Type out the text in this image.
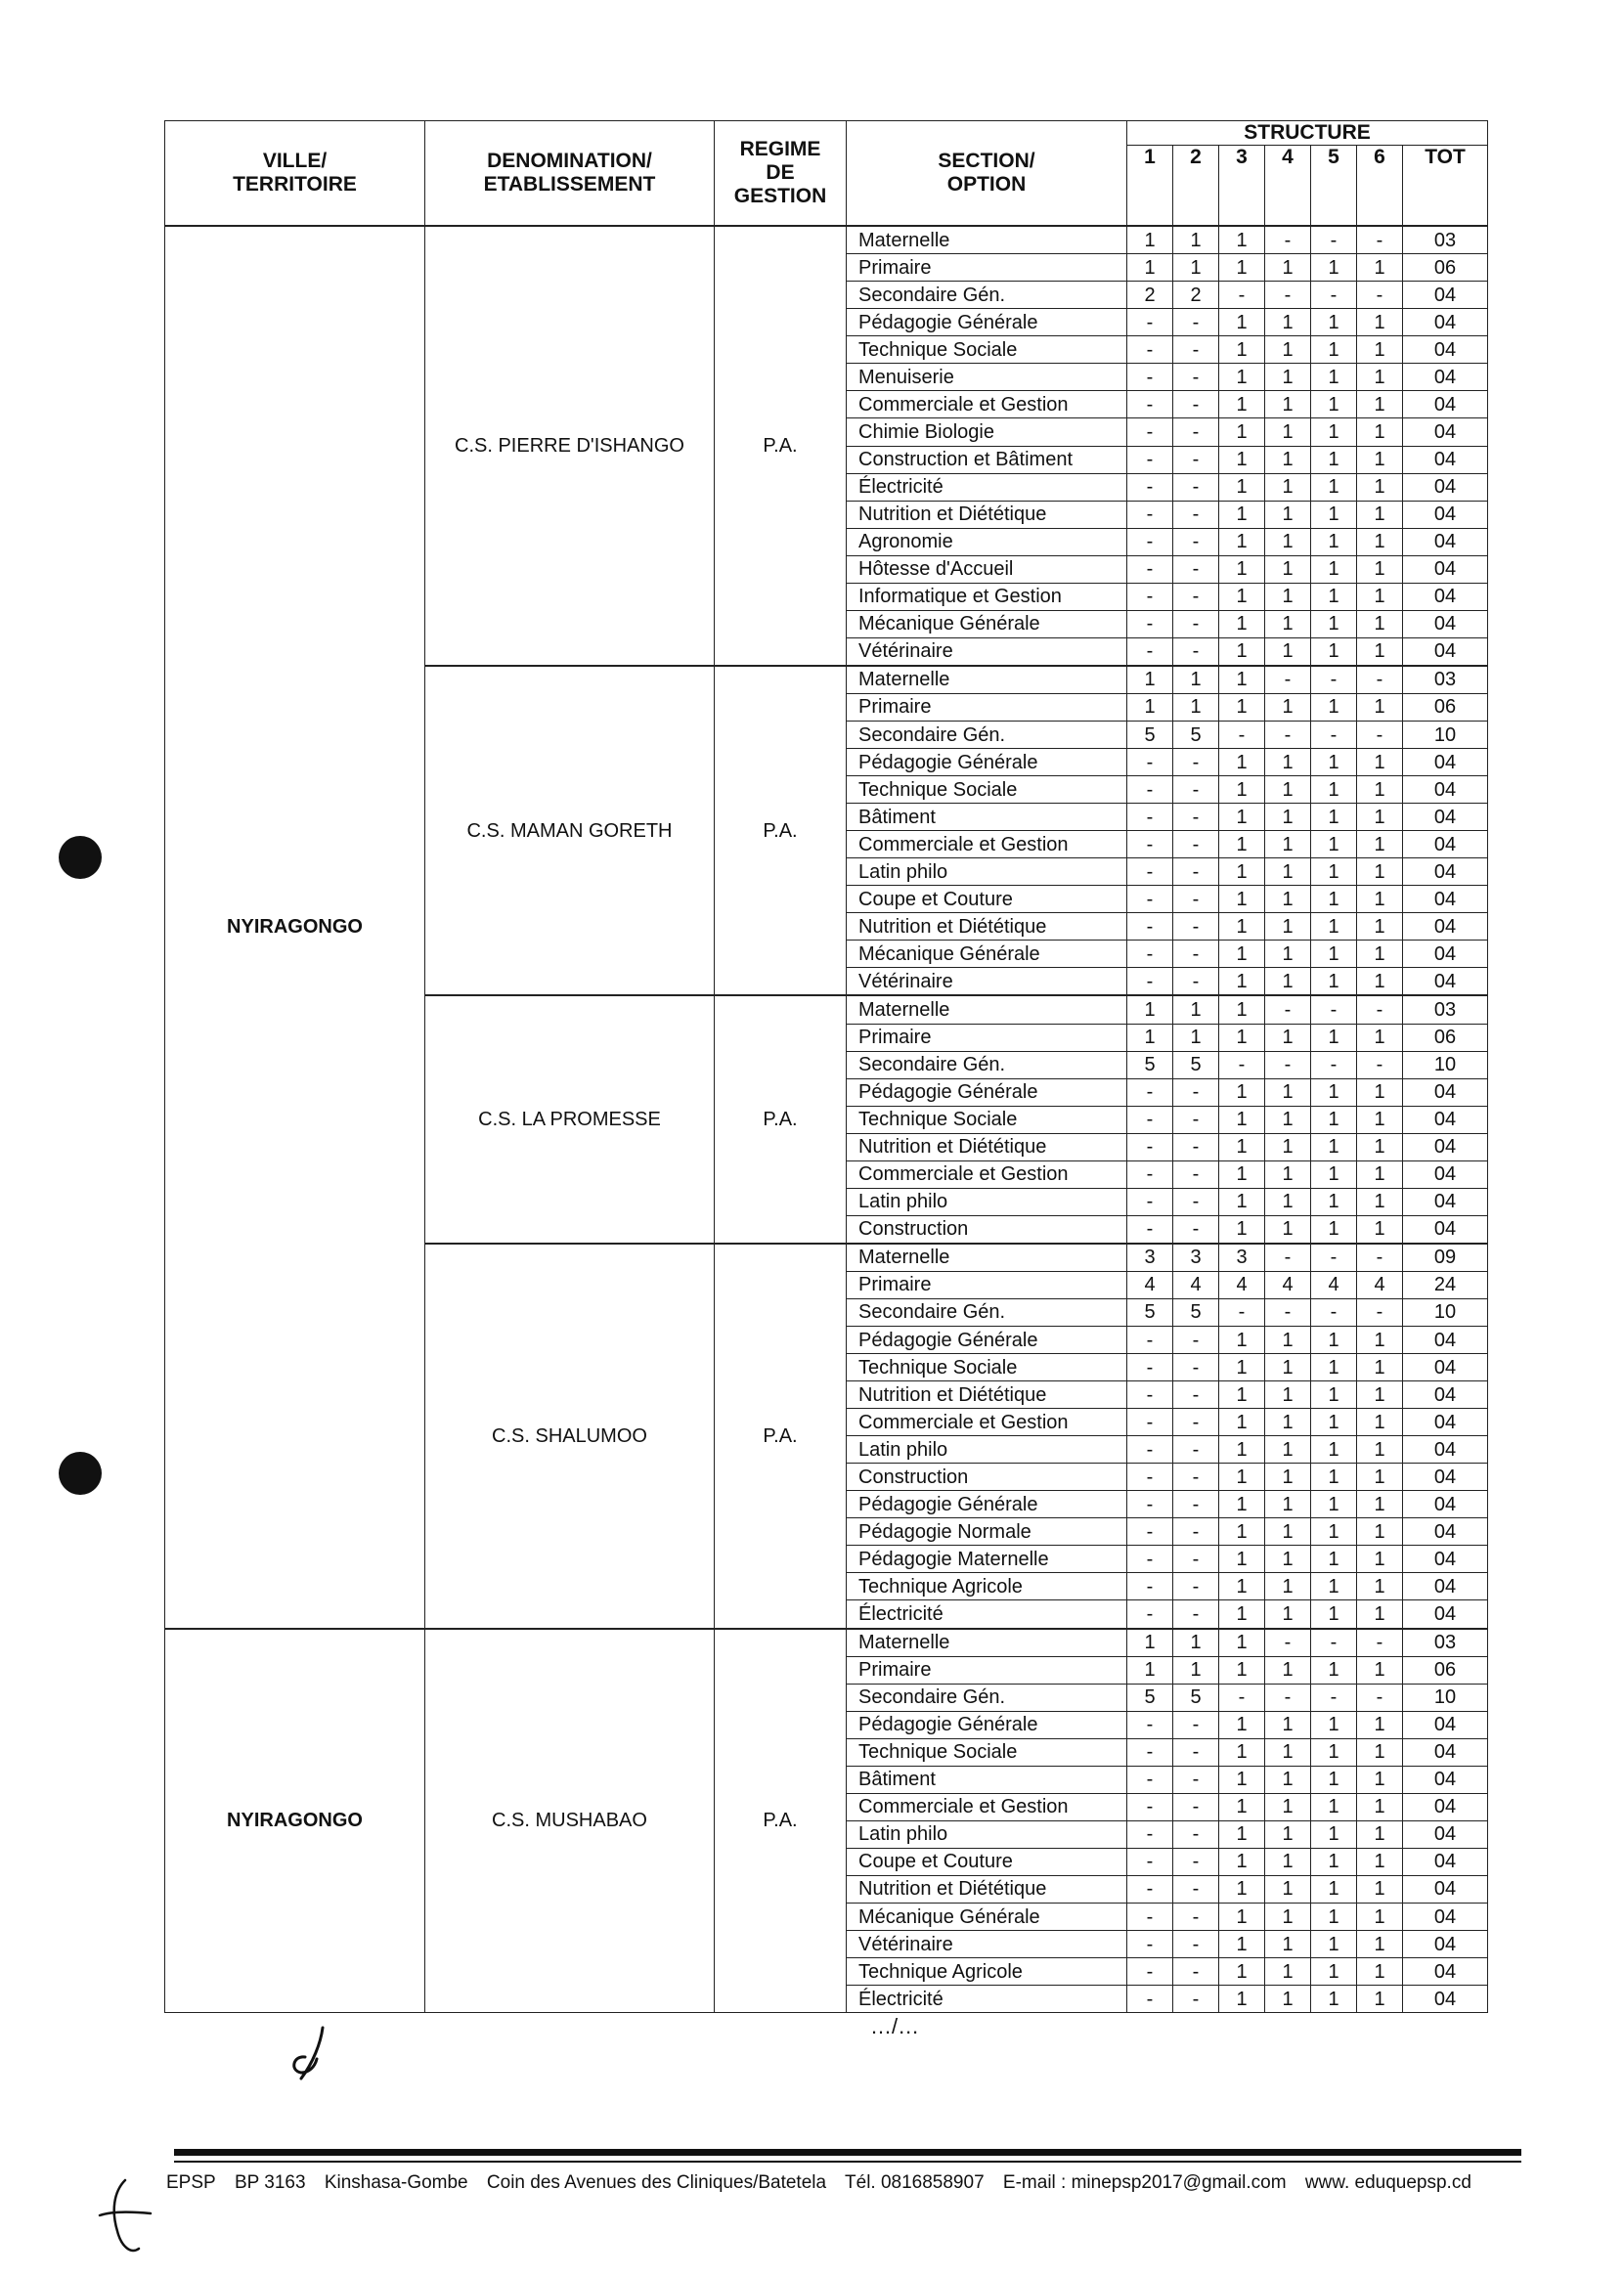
VILLE/
TERRITOIRE	DENOMINATION/
ETABLISSEMENT	REGIME
DE
GESTION	SECTION/
OPTION	STRUCTURE						
				1	2	3	4	5	6	TOT
NYIRAGONGO	C.S. PIERRE D'ISHANGO	P.A.	Maternelle	1	1	1	-	-	-	03
			Primaire	1	1	1	1	1	1	06
			Secondaire Gén.	2	2	-	-	-	-	04
			Pédagogie Générale	-	-	1	1	1	1	04
			Technique Sociale	-	-	1	1	1	1	04
			Menuiserie	-	-	1	1	1	1	04
			Commerciale et Gestion	-	-	1	1	1	1	04
			Chimie Biologie	-	-	1	1	1	1	04
			Construction et Bâtiment	-	-	1	1	1	1	04
			Électricité	-	-	1	1	1	1	04
			Nutrition et Diététique	-	-	1	1	1	1	04
			Agronomie	-	-	1	1	1	1	04
			Hôtesse d'Accueil	-	-	1	1	1	1	04
			Informatique et Gestion	-	-	1	1	1	1	04
			Mécanique Générale	-	-	1	1	1	1	04
			Vétérinaire	-	-	1	1	1	1	04
	C.S. MAMAN GORETH	P.A.	Maternelle	1	1	1	-	-	-	03
			Primaire	1	1	1	1	1	1	06
			Secondaire Gén.	5	5	-	-	-	-	10
			Pédagogie Générale	-	-	1	1	1	1	04
			Technique Sociale	-	-	1	1	1	1	04
			Bâtiment	-	-	1	1	1	1	04
			Commerciale et Gestion	-	-	1	1	1	1	04
			Latin philo	-	-	1	1	1	1	04
			Coupe et Couture	-	-	1	1	1	1	04
			Nutrition et Diététique	-	-	1	1	1	1	04
			Mécanique Générale	-	-	1	1	1	1	04
			Vétérinaire	-	-	1	1	1	1	04
	C.S. LA PROMESSE	P.A.	Maternelle	1	1	1	-	-	-	03
			Primaire	1	1	1	1	1	1	06
			Secondaire Gén.	5	5	-	-	-	-	10
			Pédagogie Générale	-	-	1	1	1	1	04
			Technique Sociale	-	-	1	1	1	1	04
			Nutrition et Diététique	-	-	1	1	1	1	04
			Commerciale et Gestion	-	-	1	1	1	1	04
			Latin philo	-	-	1	1	1	1	04
			Construction	-	-	1	1	1	1	04
	C.S. SHALUMOO	P.A.	Maternelle	3	3	3	-	-	-	09
			Primaire	4	4	4	4	4	4	24
			Secondaire Gén.	5	5	-	-	-	-	10
			Pédagogie Générale	-	-	1	1	1	1	04
			Technique Sociale	-	-	1	1	1	1	04
			Nutrition et Diététique	-	-	1	1	1	1	04
			Commerciale et Gestion	-	-	1	1	1	1	04
			Latin philo	-	-	1	1	1	1	04
			Construction	-	-	1	1	1	1	04
			Pédagogie Générale	-	-	1	1	1	1	04
			Pédagogie Normale	-	-	1	1	1	1	04
			Pédagogie Maternelle	-	-	1	1	1	1	04
			Technique Agricole	-	-	1	1	1	1	04
			Électricité	-	-	1	1	1	1	04
NYIRAGONGO	C.S. MUSHABAO	P.A.	Maternelle	1	1	1	-	-	-	03
			Primaire	1	1	1	1	1	1	06
			Secondaire Gén.	5	5	-	-	-	-	10
			Pédagogie Générale	-	-	1	1	1	1	04
			Technique Sociale	-	-	1	1	1	1	04
			Bâtiment	-	-	1	1	1	1	04
			Commerciale et Gestion	-	-	1	1	1	1	04
			Latin philo	-	-	1	1	1	1	04
			Coupe et Couture	-	-	1	1	1	1	04
			Nutrition et Diététique	-	-	1	1	1	1	04
			Mécanique Générale	-	-	1	1	1	1	04
			Vétérinaire	-	-	1	1	1	1	04
			Technique Agricole	-	-	1	1	1	1	04
			Électricité	-	-	1	1	1	1	04
…/…
EPSP BP 3163 Kinshasa-Gombe Coin des Avenues des Cliniques/Batetela Tél. 0816858907 E-mail : minepsp2017@gmail.com www. eduquepsp.cd
